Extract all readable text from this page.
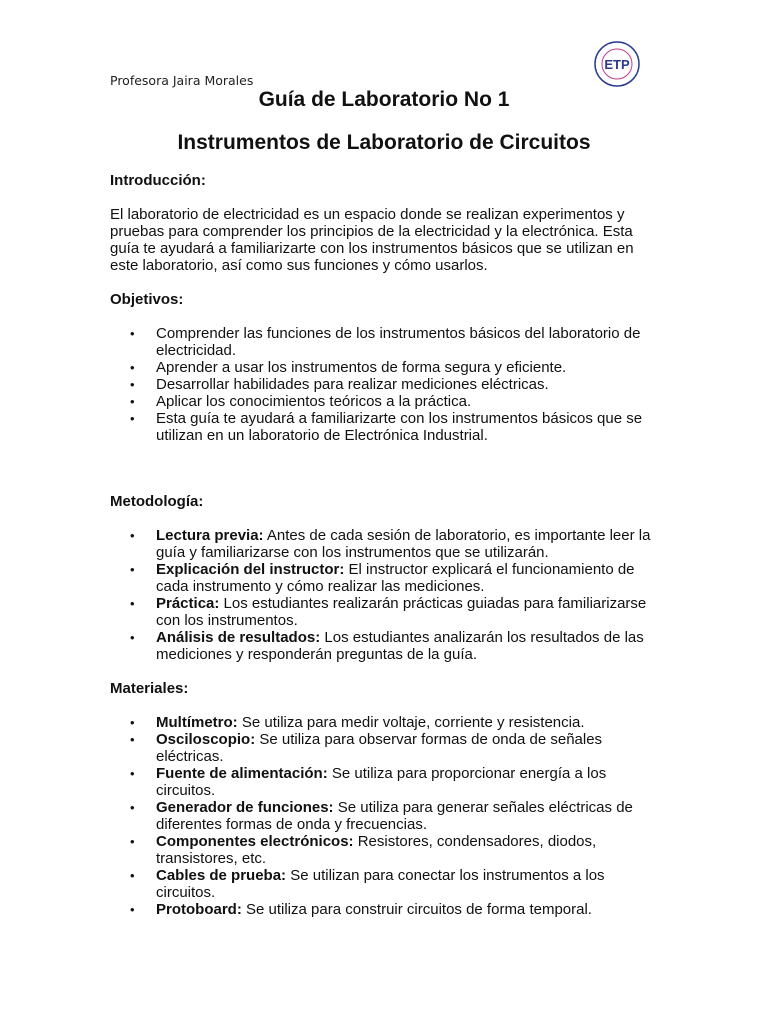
Profesora Jaira Morales
ETP
Guía de Laboratorio No 1
Instrumentos de Laboratorio de Circuitos

Introducción:

El laboratorio de electricidad es un espacio donde se realizan experimentos y pruebas para comprender los principios de la electricidad y la electrónica. Esta guía te ayudará a familiarizarte con los instrumentos básicos que se utilizan en este laboratorio, así como sus funciones y cómo usarlos.

Objetivos:

• Comprender las funciones de los instrumentos básicos del laboratorio de electricidad.
• Aprender a usar los instrumentos de forma segura y eficiente.
• Desarrollar habilidades para realizar mediciones eléctricas.
• Aplicar los conocimientos teóricos a la práctica.
• Esta guía te ayudará a familiarizarte con los instrumentos básicos que se utilizan en un laboratorio de Electrónica Industrial.

Metodología:

• Lectura previa: Antes de cada sesión de laboratorio, es importante leer la guía y familiarizarse con los instrumentos que se utilizarán.
• Explicación del instructor: El instructor explicará el funcionamiento de cada instrumento y cómo realizar las mediciones.
• Práctica: Los estudiantes realizarán prácticas guiadas para familiarizarse con los instrumentos.
• Análisis de resultados: Los estudiantes analizarán los resultados de las mediciones y responderán preguntas de la guía.

Materiales:

• Multímetro: Se utiliza para medir voltaje, corriente y resistencia.
• Osciloscopio: Se utiliza para observar formas de onda de señales eléctricas.
• Fuente de alimentación: Se utiliza para proporcionar energía a los circuitos.
• Generador de funciones: Se utiliza para generar señales eléctricas de diferentes formas de onda y frecuencias.
• Componentes electrónicos: Resistores, condensadores, diodos, transistores, etc.
• Cables de prueba: Se utilizan para conectar los instrumentos a los circuitos.
• Protoboard: Se utiliza para construir circuitos de forma temporal.
